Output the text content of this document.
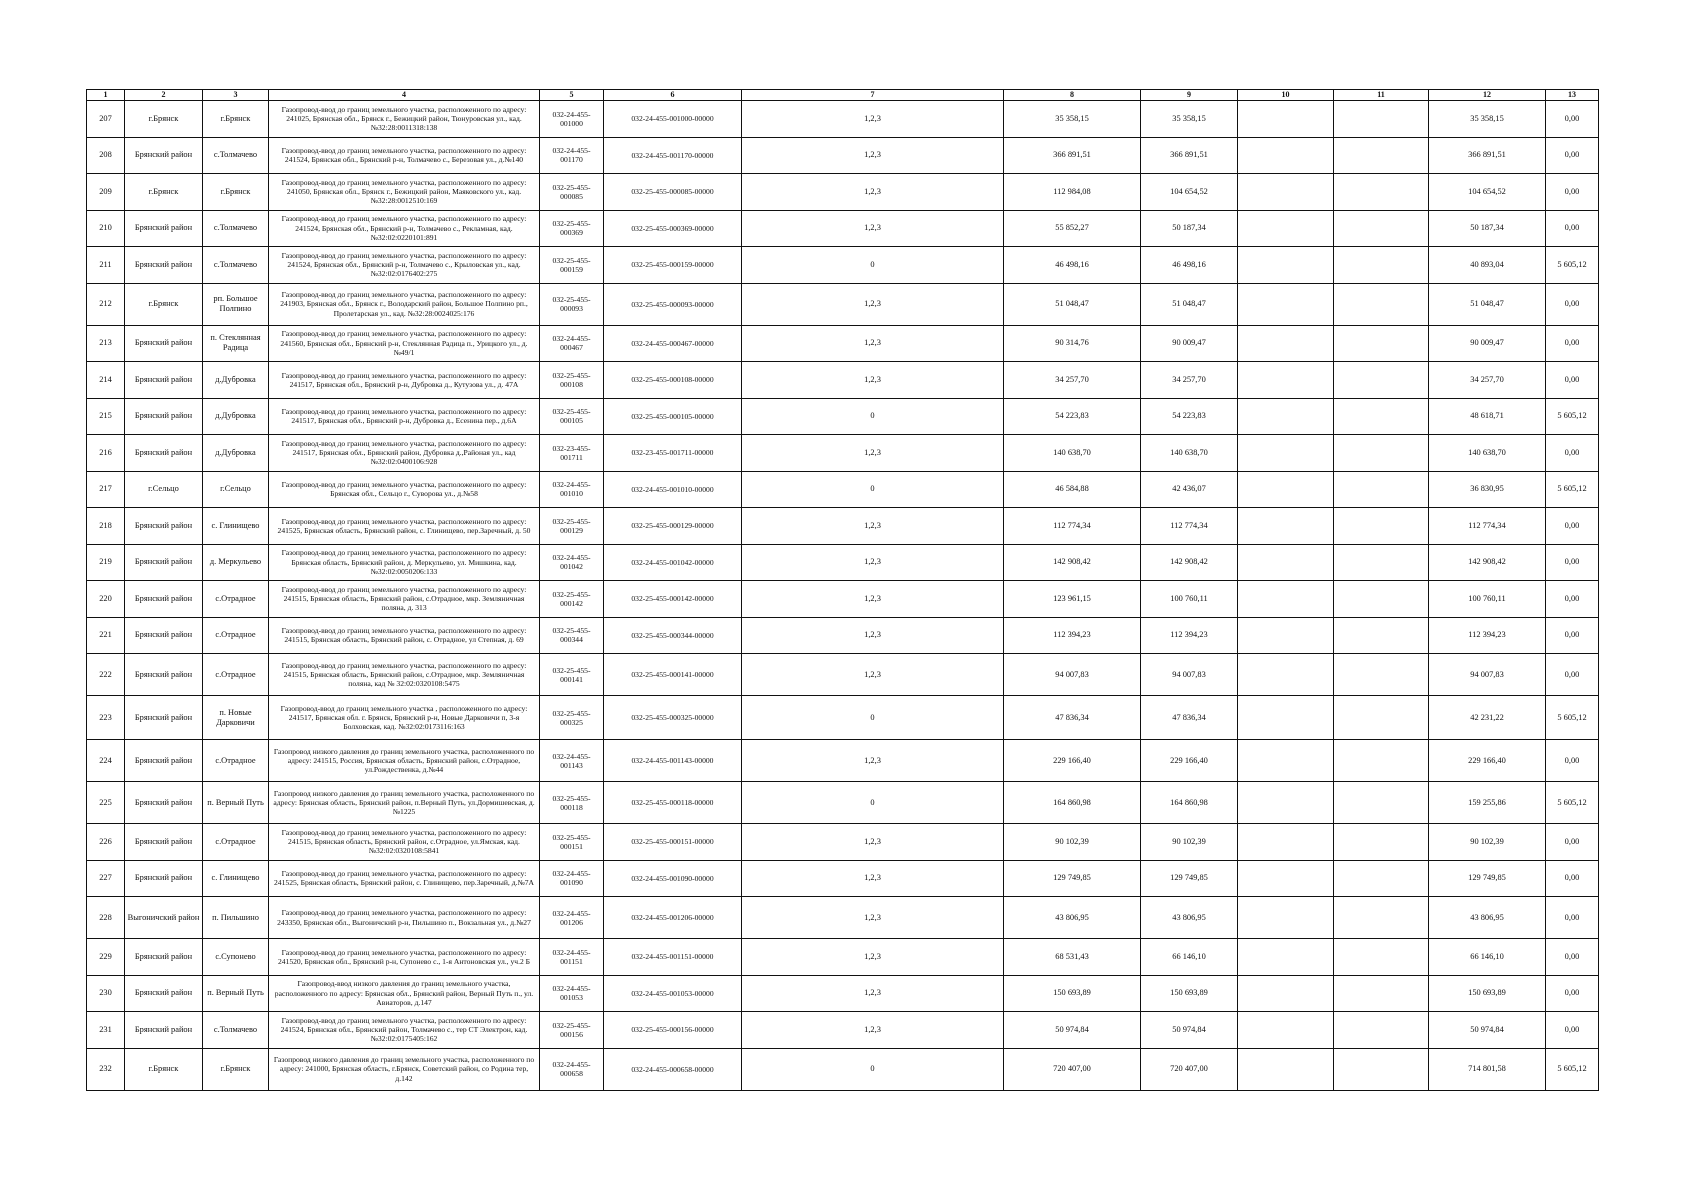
1	2	3	4	5	6	7	8	9	10	11	12	13
207	г.Брянск	г.Брянск	Газопровод-ввод до границ земельного участка, расположенного по адресу: 241025, Брянская обл., Брянск г., Бежицкий район, Тюнуровская ул., кад.№32:28:0011318:138	032-24-455-001000	032-24-455-001000-00000	1,2,3	35 358,15	35 358,15			35 358,15	0,00
208	Брянский район	с.Толмачево	Газопровод-ввод до границ земельного участка, расположенного по адресу: 241524, Брянская обл., Брянский р-н, Толмачево с., Березовая ул., д.№140	032-24-455-001170	032-24-455-001170-00000	1,2,3	366 891,51	366 891,51			366 891,51	0,00
209	г.Брянск	г.Брянск	Газопровод-ввод до границ земельного участка, расположенного по адресу: 241050, Брянская обл., Брянск г., Бежицкий район, Маяковского ул., кад.№32:28:0012510:169	032-25-455-000085	032-25-455-000085-00000	1,2,3	112 984,08	104 654,52			104 654,52	0,00
210	Брянский район	с.Толмачево	Газопровод-ввод до границ земельного участка, расположенного по адресу: 241524, Брянская обл., Брянский р-н, Толмачево с., Рекламная, кад. №32:02:0220101:891	032-25-455-000369	032-25-455-000369-00000	1,2,3	55 852,27	50 187,34			50 187,34	0,00
211	Брянский район	с.Толмачево	Газопровод-ввод до границ земельного участка, расположенного по адресу: 241524, Брянская обл., Брянский р-н, Толмачево с., Крыловская ул., кад.№32:02:0176402:275	032-25-455-000159	032-25-455-000159-00000	0	46 498,16	46 498,16			40 893,04	5 605,12
212	г.Брянск	рп. Большое Полпино	Газопровод-ввод до границ земельного участка, расположенного по адресу: 241903, Брянская обл., Брянск г., Володарский район, Большое Полпино рп., Пролетарская ул., кад. №32:28:0024025:176	032-25-455-000093	032-25-455-000093-00000	1,2,3	51 048,47	51 048,47			51 048,47	0,00
213	Брянский район	п. Стеклянная Радица	Газопровод-ввод до границ земельного участка, расположенного по адресу: 241560, Брянская обл., Брянский р-н, Стеклянная Радица п., Урицкого ул., д.№49/1	032-24-455-000467	032-24-455-000467-00000	1,2,3	90 314,76	90 009,47			90 009,47	0,00
214	Брянский район	д.Дубровка	Газопровод-ввод до границ земельного участка, расположенного по адресу: 241517, Брянская обл., Брянский р-н, Дубровка д., Кутузова ул., д. 47А	032-25-455-000108	032-25-455-000108-00000	1,2,3	34 257,70	34 257,70			34 257,70	0,00
215	Брянский район	д.Дубровка	Газопровод-ввод до границ земельного участка, расположенного по адресу: 241517, Брянская обл., Брянский р-н, Дубровка д., Есенина пер., д.6А	032-25-455-000105	032-25-455-000105-00000	0	54 223,83	54 223,83			48 618,71	5 605,12
216	Брянский район	д.Дубровка	Газопровод-ввод до границ земельного участка, расположенного по адресу: 241517, Брянская обл., Брянский район, Дубровка д.,Районая ул., кад №32:02:0400106:928	032-23-455-001711	032-23-455-001711-00000	1,2,3	140 638,70	140 638,70			140 638,70	0,00
217	г.Сельцо	г.Сельцо	Газопровод-ввод до границ земельного участка, расположенного по адресу: Брянская обл., Сельцо г., Суворова ул., д.№58	032-24-455-001010	032-24-455-001010-00000	0	46 584,88	42 436,07			36 830,95	5 605,12
218	Брянский район	с. Глинищево	Газопровод-ввод до границ земельного участка, расположенного по адресу: 241525, Брянская область, Брянский район, с. Глинищево, пер.Заречный, д. 50	032-25-455-000129	032-25-455-000129-00000	1,2,3	112 774,34	112 774,34			112 774,34	0,00
219	Брянский район	д. Меркульево	Газопровод-ввод до границ земельного участка, расположенного по адресу: Брянская область, Брянский район, д. Меркульево, ул. Мишкина, кад. №32:02:0050206:133	032-24-455-001042	032-24-455-001042-00000	1,2,3	142 908,42	142 908,42			142 908,42	0,00
220	Брянский район	с.Отрадное	Газопровод-ввод до границ земельного участка, расположенного по адресу: 241515, Брянская область, Брянский район, с.Отрадное, мкр. Земляничная поляна, д. 313	032-25-455-000142	032-25-455-000142-00000	1,2,3	123 961,15	100 760,11			100 760,11	0,00
221	Брянский район	с.Отрадное	Газопровод-ввод до границ земельного участка, расположенного по адресу: 241515, Брянская область, Брянский район, с. Отрадное, ул Степная, д. 69	032-25-455-000344	032-25-455-000344-00000	1,2,3	112 394,23	112 394,23			112 394,23	0,00
222	Брянский район	с.Отрадное	Газопровод-ввод до границ земельного участка, расположенного по адресу: 241515, Брянская область, Брянский район, с.Отрадное, мкр. Земляничная поляна, кад № 32:02:0320108:5475	032-25-455-000141	032-25-455-000141-00000	1,2,3	94 007,83	94 007,83			94 007,83	0,00
223	Брянский район	п. Новые Дарковичи	Газопровод-ввод до границ земельного участка , расположенного по адресу: 241517, Брянская обл. г. Брянск, Брянский р-н, Новые Дарковичи п, 3-я Болховская, кад. №32:02:0173116:163	032-25-455-000325	032-25-455-000325-00000	0	47 836,34	47 836,34			42 231,22	5 605,12
224	Брянский район	с.Отрадное	Газопровод низкого давления до границ земельного участка, расположенного по адресу: 241515, Россия, Брянская область, Брянский район, с.Отрадное, ул.Рождественка, д.№44	032-24-455-001143	032-24-455-001143-00000	1,2,3	229 166,40	229 166,40			229 166,40	0,00
225	Брянский район	п. Верный Путь	Газопровод низкого давления до границ земельного участка, расположенного по адресу: Брянская область, Брянский район, п.Верный Путь, ул.Дормишевская, д.№1225	032-25-455-000118	032-25-455-000118-00000	0	164 860,98	164 860,98			159 255,86	5 605,12
226	Брянский район	с.Отрадное	Газопровод-ввод до границ земельного участка, расположенного по адресу: 241515, Брянская область, Брянский район, с.Отрадное, ул.Ямская, кад.№32:02:0320108:5841	032-25-455-000151	032-25-455-000151-00000	1,2,3	90 102,39	90 102,39			90 102,39	0,00
227	Брянский район	с. Глинищево	Газопровод-ввод до границ земельного участка, расположенного по адресу: 241525, Брянская область, Брянский район, с. Глинищево, пер.Заречный, д.№7А	032-24-455-001090	032-24-455-001090-00000	1,2,3	129 749,85	129 749,85			129 749,85	0,00
228	Выгоничский район	п. Пильшино	Газопровод-ввод до границ земельного участка, расположенного по адресу: 243350, Брянская обл., Выгоничский р-н, Пильшино п., Вокзальная ул., д.№27	032-24-455-001206	032-24-455-001206-00000	1,2,3	43 806,95	43 806,95			43 806,95	0,00
229	Брянский район	с.Супонево	Газопровод-ввод до границ земельного участка, расположенного по адресу: 241520, Брянская обл., Брянский р-н, Супонево с., 1-я Антоновская ул., уч.2 Б	032-24-455-001151	032-24-455-001151-00000	1,2,3	68 531,43	66 146,10			66 146,10	0,00
230	Брянский район	п. Верный Путь	Газопровод-ввод низкого давления до границ земельного участка, расположенного по адресу: Брянская обл., Брянский район, Верный Путь п., ул. Авиаторов, д.147	032-24-455-001053	032-24-455-001053-00000	1,2,3	150 693,89	150 693,89			150 693,89	0,00
231	Брянский район	с.Толмачево	Газопровод-ввод до границ земельного участка, расположенного по адресу: 241524, Брянская обл., Брянский район, Толмачево с., тер СТ Электрон, кад. №32:02:0175405:162	032-25-455-000156	032-25-455-000156-00000	1,2,3	50 974,84	50 974,84			50 974,84	0,00
232	г.Брянск	г.Брянск	Газопровод низкого давления до границ земельного участка, расположенного по адресу: 241000, Брянская область, г.Брянск, Советский район, со Родина тер, д.142	032-24-455-000658	032-24-455-000658-00000	0	720 407,00	720 407,00			714 801,58	5 605,12
